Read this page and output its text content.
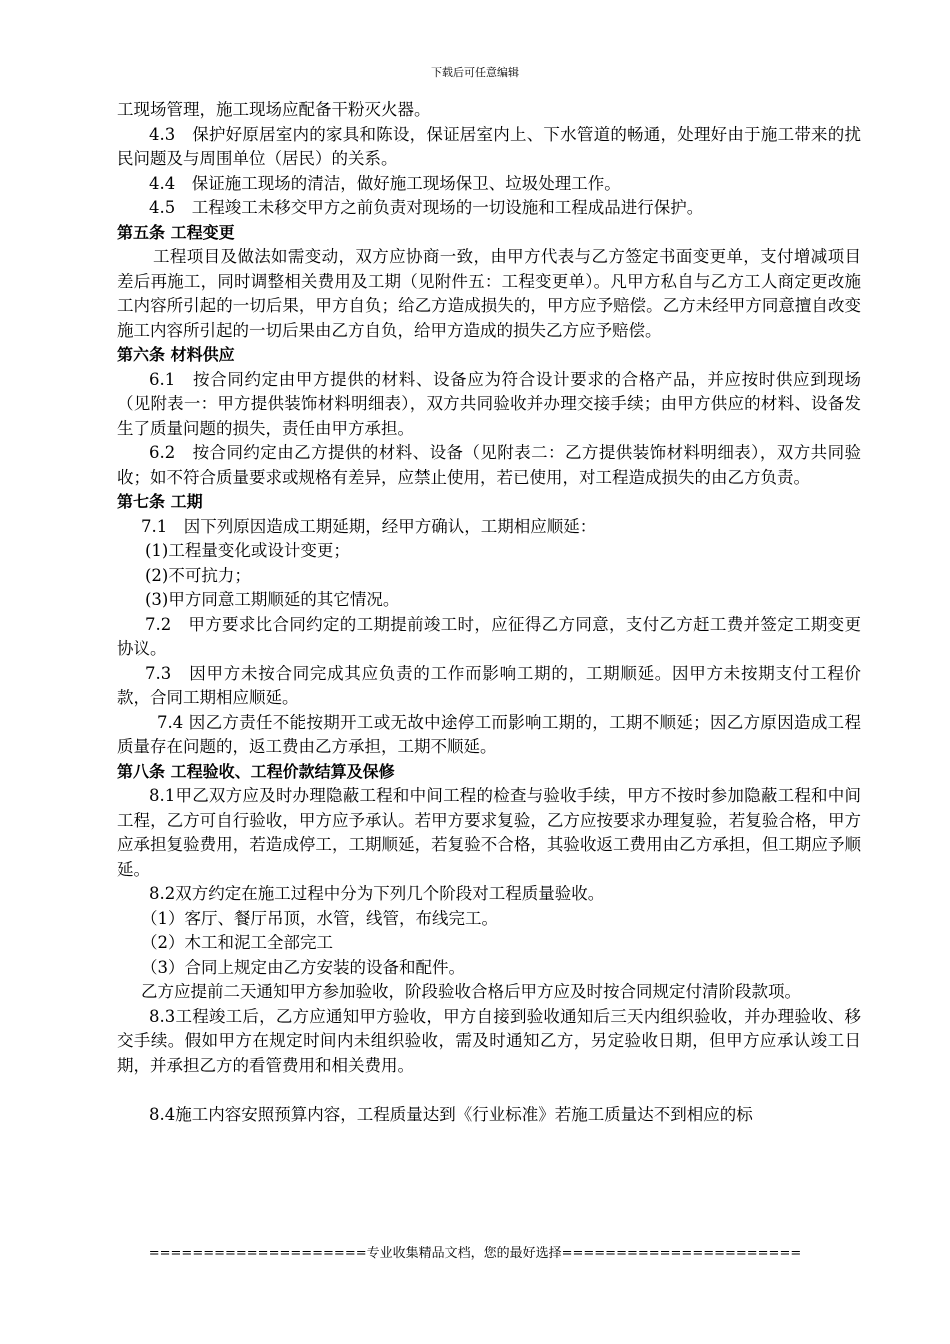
下载后可任意编辑

工现场管理，施工现场应配备干粉灭火器。

4.3　保护好原居室内的家具和陈设，保证居室内上、下水管道的畅通，处理好由于施工带来的扰民问题及与周围单位（居民）的关系。

4.4　保证施工现场的清洁，做好施工现场保卫、垃圾处理工作。

4.5　工程竣工未移交甲方之前负责对现场的一切设施和工程成品进行保护。

第五条 工程变更

工程项目及做法如需变动，双方应协商一致，由甲方代表与乙方签定书面变更单，支付增减项目差后再施工，同时调整相关费用及工期（见附件五：工程变更单）。凡甲方私自与乙方工人商定更改施工内容所引起的一切后果，甲方自负；给乙方造成损失的，甲方应予赔偿。乙方未经甲方同意擅自改变施工内容所引起的一切后果由乙方自负，给甲方造成的损失乙方应予赔偿。

第六条 材料供应

6.1　按合同约定由甲方提供的材料、设备应为符合设计要求的合格产品，并应按时供应到现场（见附表一：甲方提供装饰材料明细表），双方共同验收并办理交接手续；由甲方供应的材料、设备发生了质量问题的损失，责任由甲方承担。

6.2　按合同约定由乙方提供的材料、设备（见附表二：乙方提供装饰材料明细表），双方共同验收；如不符合质量要求或规格有差异，应禁止使用，若已使用，对工程造成损失的由乙方负责。

第七条 工期

7.1　因下列原因造成工期延期，经甲方确认，工期相应顺延：

(1)工程量变化或设计变更；

(2)不可抗力；

(3)甲方同意工期顺延的其它情况。

7.2　甲方要求比合同约定的工期提前竣工时，应征得乙方同意，支付乙方赶工费并签定工期变更协议。

7.3　因甲方未按合同完成其应负责的工作而影响工期的，工期顺延。因甲方未按期支付工程价款，合同工期相应顺延。

7.4 因乙方责任不能按期开工或无故中途停工而影响工期的，工期不顺延；因乙方原因造成工程质量存在问题的，返工费由乙方承担，工期不顺延。

第八条 工程验收、工程价款结算及保修

8.1甲乙双方应及时办理隐蔽工程和中间工程的检查与验收手续，甲方不按时参加隐蔽工程和中间工程，乙方可自行验收，甲方应予承认。若甲方要求复验，乙方应按要求办理复验，若复验合格，甲方应承担复验费用，若造成停工，工期顺延，若复验不合格，其验收返工费用由乙方承担，但工期应予顺延。

8.2双方约定在施工过程中分为下列几个阶段对工程质量验收。

（1）客厅、餐厅吊顶，水管，线管，布线完工。

（2）木工和泥工全部完工

（3）合同上规定由乙方安装的设备和配件。

乙方应提前二天通知甲方参加验收，阶段验收合格后甲方应及时按合同规定付清阶段款项。

8.3工程竣工后，乙方应通知甲方验收，甲方自接到验收通知后三天内组织验收，并办理验收、移交手续。假如甲方在规定时间内未组织验收，需及时通知乙方，另定验收日期，但甲方应承认竣工日期，并承担乙方的看管费用和相关费用。

8.4施工内容安照预算内容，工程质量达到《行业标准》若施工质量达不到相应的标

====================专业收集精品文档，您的最好选择======================
